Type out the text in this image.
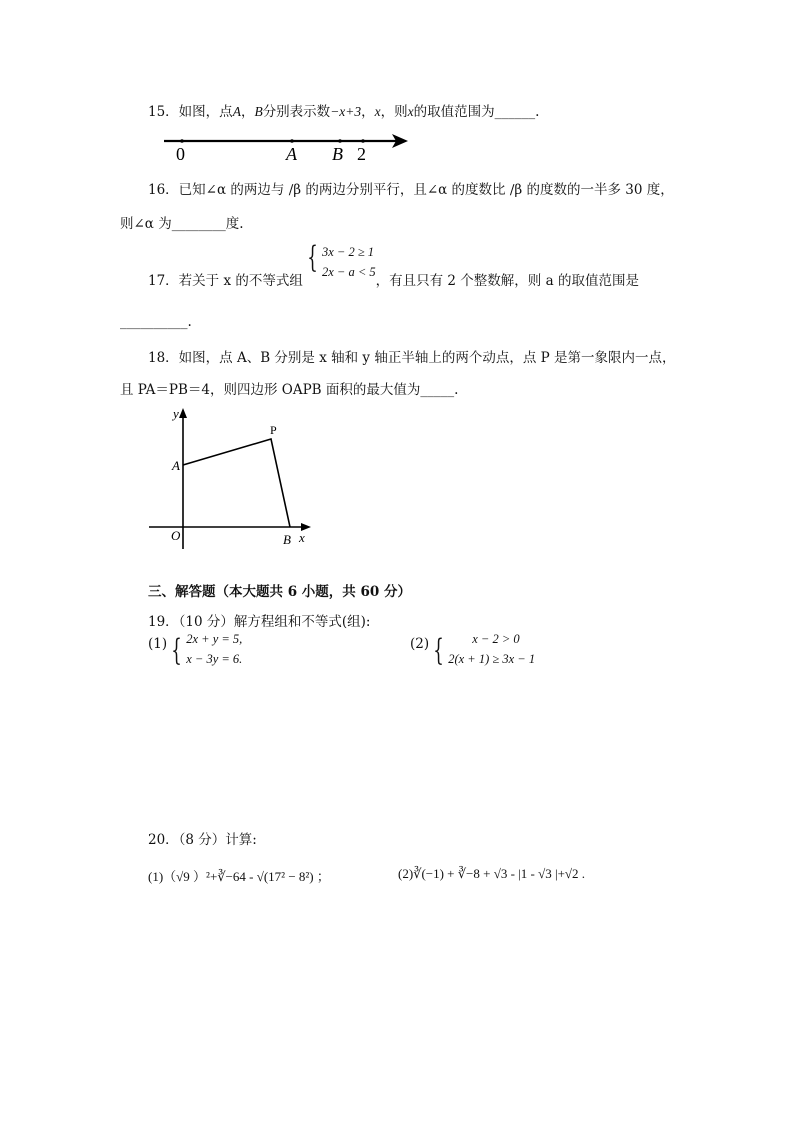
15．如图，点A，B分别表示数−x+3，x，则x的取值范围为______.
0	A B 2
16．已知∠α 的两边与 ∕β 的两边分别平行，且∠α 的度数比 ∕β 的度数的一半多 30 度，
则∠α 为________度.
17．若关于 x 的不等式组{ 3x − 2 ≥ 1
2x − a < 5
，有且只有 2 个整数解，则 a 的取值范围是
__________.
18．如图，点 A、B 分别是 x 轴和 y 轴正半轴上的两个动点，点 P 是第一象限内一点，
且 PA＝PB＝4，则四边形 OAPB 面积的最大值为_____.
y
x
O
A
B
P
三、解答题（本大题共 6 小题，共 60 分）
19．（10 分）解方程组和不等式(组):
(1) { 2x + y = 5,
x − 3y = 6.
(2) {	x − 2 > 0
2(x + 1) ≥ 3x − 1
20．（8 分）计算:
(1)（√9 ）²+∛−64 - √(17² − 8²) ；	(2)∛(−1) + ∛−8 + √3 - |1 - √3 |+√2 .
